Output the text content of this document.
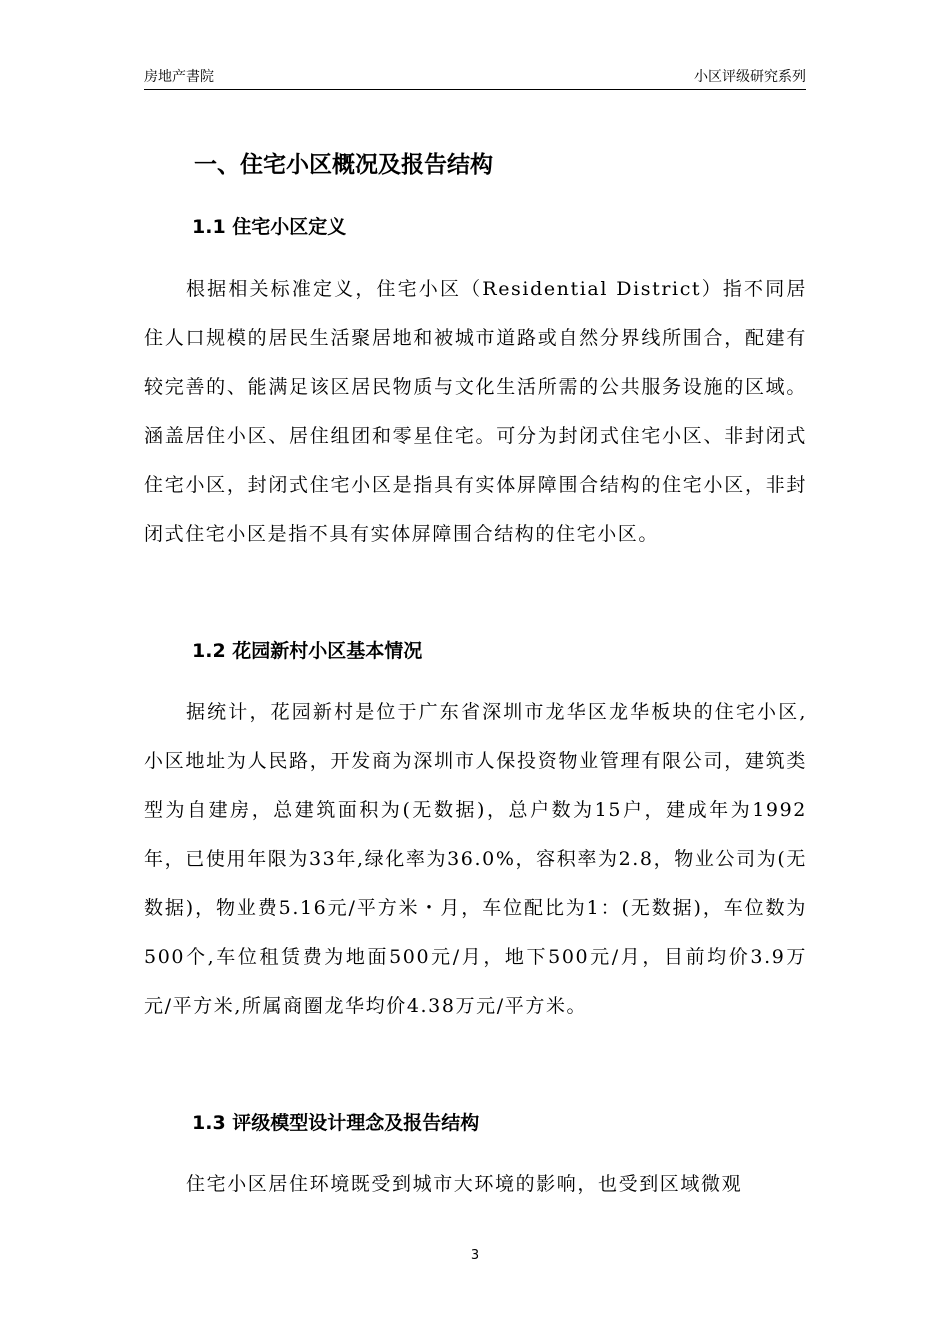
房地产書院	小区评级研究系列
一、住宅小区概况及报告结构
1.1 住宅小区定义
根据相关标准定义，住宅小区（Residential District）指不同居住人口规模的居民生活聚居地和被城市道路或自然分界线所围合，配建有较完善的、能满足该区居民物质与文化生活所需的公共服务设施的区域。涵盖居住小区、居住组团和零星住宅。可分为封闭式住宅小区、非封闭式住宅小区，封闭式住宅小区是指具有实体屏障围合结构的住宅小区，非封闭式住宅小区是指不具有实体屏障围合结构的住宅小区。
1.2 花园新村小区基本情况
据统计，花园新村是位于广东省深圳市龙华区龙华板块的住宅小区,小区地址为人民路，开发商为深圳市人保投资物业管理有限公司，建筑类型为自建房，总建筑面积为(无数据)，总户数为15户，建成年为1992年，已使用年限为33年,绿化率为36.0%，容积率为2.8，物业公司为(无数据)，物业费5.16元/平方米・月，车位配比为1：(无数据)，车位数为500个,车位租赁费为地面500元/月，地下500元/月，目前均价3.9万元/平方米,所属商圈龙华均价4.38万元/平方米。
1.3 评级模型设计理念及报告结构
住宅小区居住环境既受到城市大环境的影响，也受到区域微观
3
